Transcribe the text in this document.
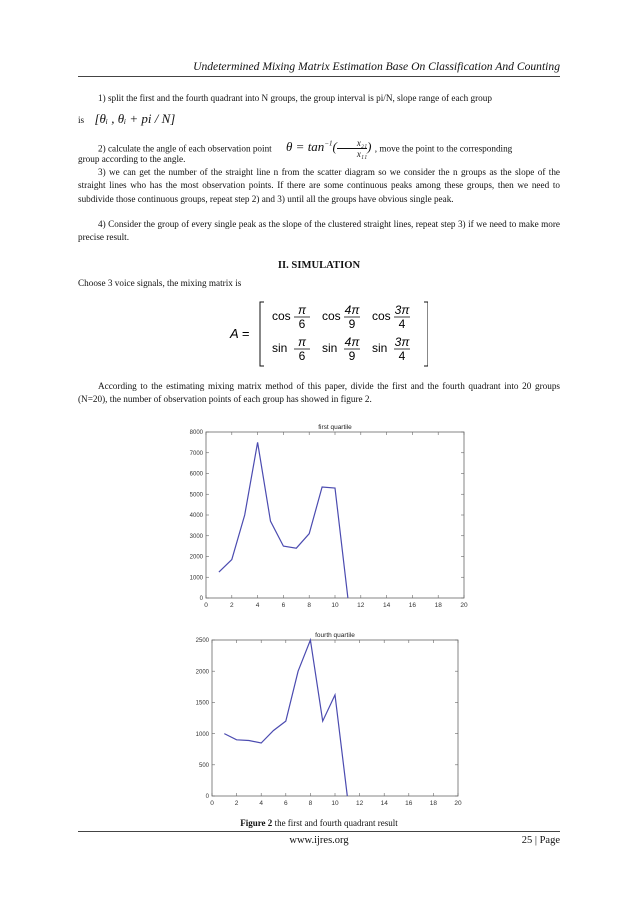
Undetermined Mixing Matrix Estimation Base On Classification And Counting
1) split the first and the fourth quadrant into N groups, the group interval is pi/N, slope range of each group
is [θᵢ , θᵢ + pi / N]
2) calculate the angle of each observation point $\theta = \tan^{-1}( \frac{\text{x₂₁}}{\text{x₁₁}}$ ) , move the point to the corresponding
group according to the angle.
3) we can get the number of the straight line n from the scatter diagram so we consider the n groups as the slope of the straight lines who has the most observation points. If there are some continuous peaks among these groups, then we need to subdivide those continuous groups, repeat step 2) and 3) until all the groups have obvious single peak.
4) Consider the group of every single peak as the slope of the clustered straight lines, repeat step 3) if we need to make more precise result.
II. SIMULATION
Choose 3 voice signals, the mixing matrix is
A =
cos π
6
cos 4π
9
cos 3π
4
sin π
6
sin 4π
9
sin 3π
4
According to the estimating mixing matrix method of this paper, divide the first and the fourth quadrant into 20 groups (N=20), the number of observation points of each group has showed in figure 2.
first quartile
0	2	4	6	8	10	12	14	16	18	20
0
1000
2000
3000
4000
5000
6000
7000
8000
fourth quartile
0	2	4	6	8	10	12	14	16	18	20
0
500
1000
1500
2000
2500
Figure 2 the first and fourth quadrant result
www.ijres.org	25 | Page
